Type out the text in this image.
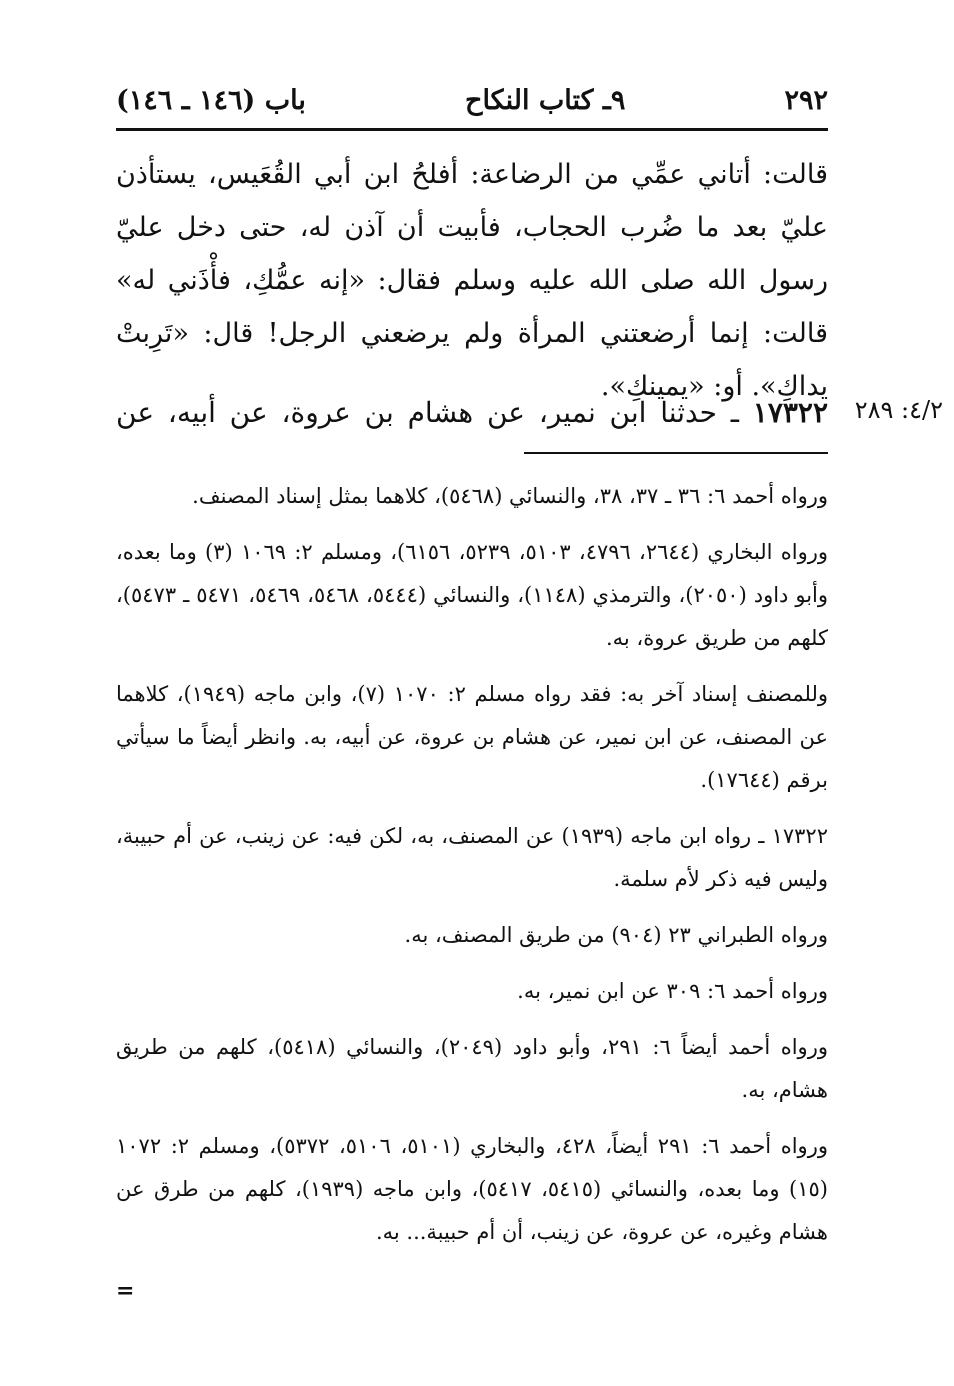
٢٩٢
٩ـ كتاب النكاح
باب (١٤٦ ـ ١٤٦)

قالت: أتاني عمِّي من الرضاعة: أفلحُ ابن أبي القُعَيس، يستأذن عليّ بعد ما ضُرب الحجاب، فأبيت أن آذن له، حتى دخل عليّ رسول الله صلى الله عليه وسلم فقال: «إنه عمُّكِ، فأْذَني له» قالت: إنما أرضعتني المرأة ولم يرضعني الرجل! قال: «تَرِبتْ يداكِ». أو: «يمينكِ».

٤/٢: ٢٨٩
١٧٣٢٢ ـ حدثنا ابن نمير، عن هشام بن عروة، عن أبيه، عن

ورواه أحمد ٦: ٣٦ ـ ٣٧، ٣٨، والنسائي (٥٤٦٨)، كلاهما بمثل إسناد المصنف.

ورواه البخاري (٢٦٤٤، ٤٧٩٦، ٥١٠٣، ٥٢٣٩، ٦١٥٦)، ومسلم ٢: ١٠٦٩ (٣) وما بعده، وأبو داود (٢٠٥٠)، والترمذي (١١٤٨)، والنسائي (٥٤٤٤، ٥٤٦٨، ٥٤٦٩، ٥٤٧١ ـ ٥٤٧٣)، كلهم من طريق عروة، به.

وللمصنف إسناد آخر به: فقد رواه مسلم ٢: ١٠٧٠ (٧)، وابن ماجه (١٩٤٩)، كلاهما عن المصنف، عن ابن نمير، عن هشام بن عروة، عن أبيه، به. وانظر أيضاً ما سيأتي برقم (١٧٦٤٤).

١٧٣٢٢ ـ رواه ابن ماجه (١٩٣٩) عن المصنف، به، لكن فيه: عن زينب، عن أم حبيبة، وليس فيه ذكر لأم سلمة.

ورواه الطبراني ٢٣ (٩٠٤) من طريق المصنف، به.

ورواه أحمد ٦: ٣٠٩ عن ابن نمير، به.

ورواه أحمد أيضاً ٦: ٢٩١، وأبو داود (٢٠٤٩)، والنسائي (٥٤١٨)، كلهم من طريق هشام، به.

ورواه أحمد ٦: ٢٩١ أيضاً، ٤٢٨، والبخاري (٥١٠١، ٥١٠٦، ٥٣٧٢)، ومسلم ٢: ١٠٧٢ (١٥) وما بعده، والنسائي (٥٤١٥، ٥٤١٧)، وابن ماجه (١٩٣٩)، كلهم من طرق عن هشام وغيره، عن عروة، عن زينب، أن أم حبيبة... به.

=
